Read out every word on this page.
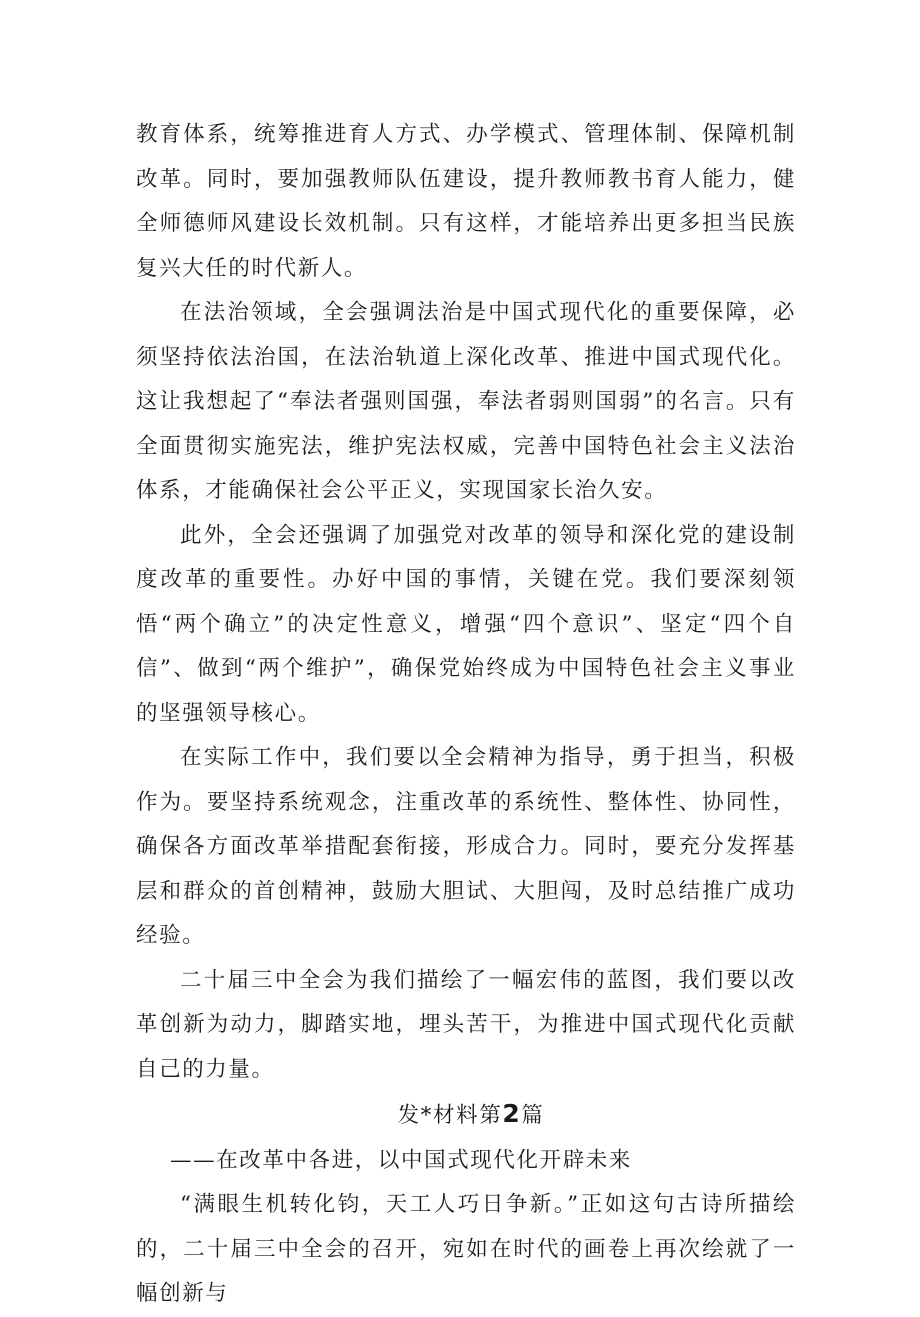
教育体系，统筹推进育人方式、办学模式、管理体制、保障机制改革。同时，要加强教师队伍建设，提升教师教书育人能力，健全师德师风建设长效机制。只有这样，才能培养出更多担当民族复兴大任的时代新人。

在法治领域，全会强调法治是中国式现代化的重要保障，必须坚持依法治国，在法治轨道上深化改革、推进中国式现代化。这让我想起了“奉法者强则国强，奉法者弱则国弱”的名言。只有全面贯彻实施宪法，维护宪法权威，完善中国特色社会主义法治体系，才能确保社会公平正义，实现国家长治久安。

此外，全会还强调了加强党对改革的领导和深化党的建设制度改革的重要性。办好中国的事情，关键在党。我们要深刻领悟“两个确立”的决定性意义，增强“四个意识”、坚定“四个自信”、做到“两个维护”，确保党始终成为中国特色社会主义事业的坚强领导核心。

在实际工作中，我们要以全会精神为指导，勇于担当，积极作为。要坚持系统观念，注重改革的系统性、整体性、协同性，确保各方面改革举措配套衔接，形成合力。同时，要充分发挥基层和群众的首创精神，鼓励大胆试、大胆闯，及时总结推广成功经验。

二十届三中全会为我们描绘了一幅宏伟的蓝图，我们要以改革创新为动力，脚踏实地，埋头苦干，为推进中国式现代化贡献自己的力量。

发*材料第2篇

——在改革中各进，以中国式现代化开辟未来

“满眼生机转化钧，天工人巧日争新。”正如这句古诗所描绘的，二十届三中全会的召开，宛如在时代的画卷上再次绘就了一幅创新与
